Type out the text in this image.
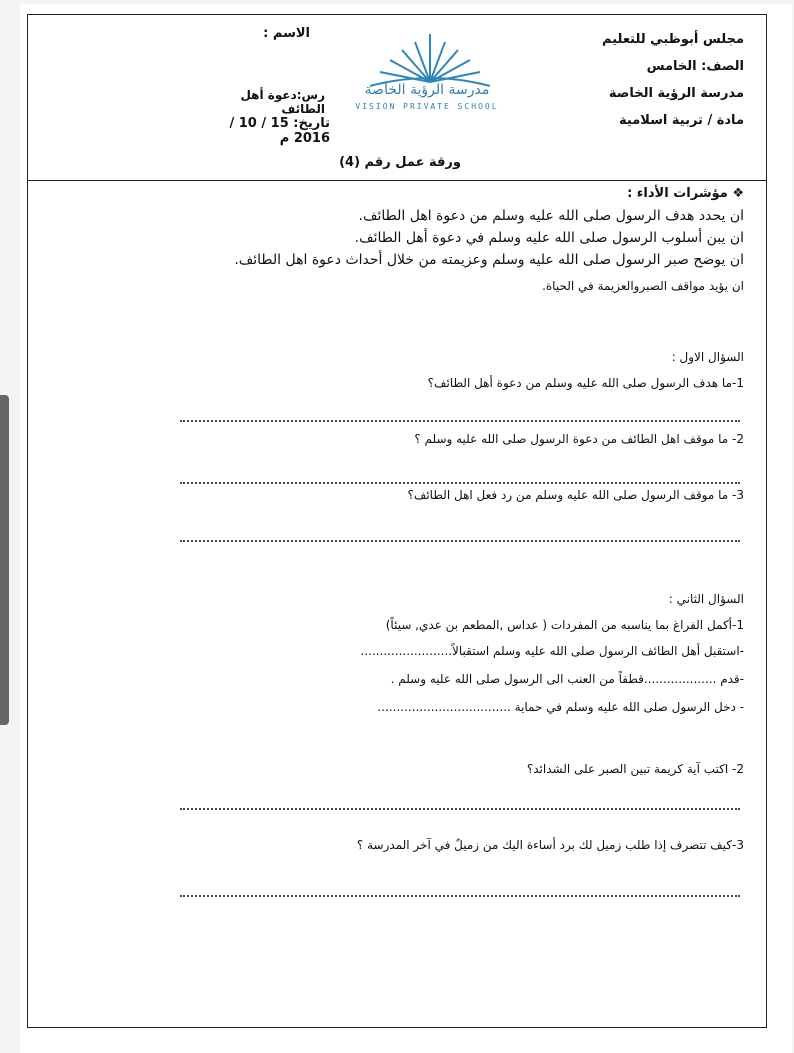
مجلس أبوظبي للتعليم
الصف: الخامس
مدرسة الرؤية الخاصة
مادة / تربية اسلامية
الاسم :
مدرسة الرؤية الخاصة
VISION PRIVATE SCHOOL
رس:دعوة أهل الطائف
تاريخ: 15 / 10 / 2016 م
ورقة عمل رقم (4)
❖ مؤشرات الأداء :
ان يحدد هدف الرسول صلى الله عليه وسلم من دعوة اهل الطائف.
ان يبن أسلوب الرسول صلى الله عليه وسلم في دعوة أهل الطائف.
ان يوضح صبر الرسول صلى الله عليه وسلم وعزيمته من خلال أحداث دعوة اهل الطائف.
ان يؤيد مواقف الصبروالعزيمة في الحياة.
السؤال الاول :
1-ما هدف الرسول صلى الله عليه وسلم من دعوة أهل الطائف؟
2- ما موقف اهل الطائف من دعوة الرسول صلى الله عليه وسلم ؟
3- ما موقف الرسول صلى الله عليه وسلم من رد فعل اهل الطائف؟
السؤال الثاني :
1-أكمل الفراغ بما يناسبه من المفردات ( عداس ,المطعم بن عدي, سيئاً)
-استقبل أهل الطائف الرسول صلى الله عليه وسلم استقبالاً........................
-قدم ...................قطفاً من العنب الى الرسول صلى الله عليه وسلم .
- دخل الرسول صلى الله عليه وسلم في حماية ...................................
2- اكتب آية كريمة تبين الصبر على الشدائد؟
3-كيف تتصرف إذا طلب زميل لك برد أساءة اليك من زميلٌ في آخر المدرسة ؟
